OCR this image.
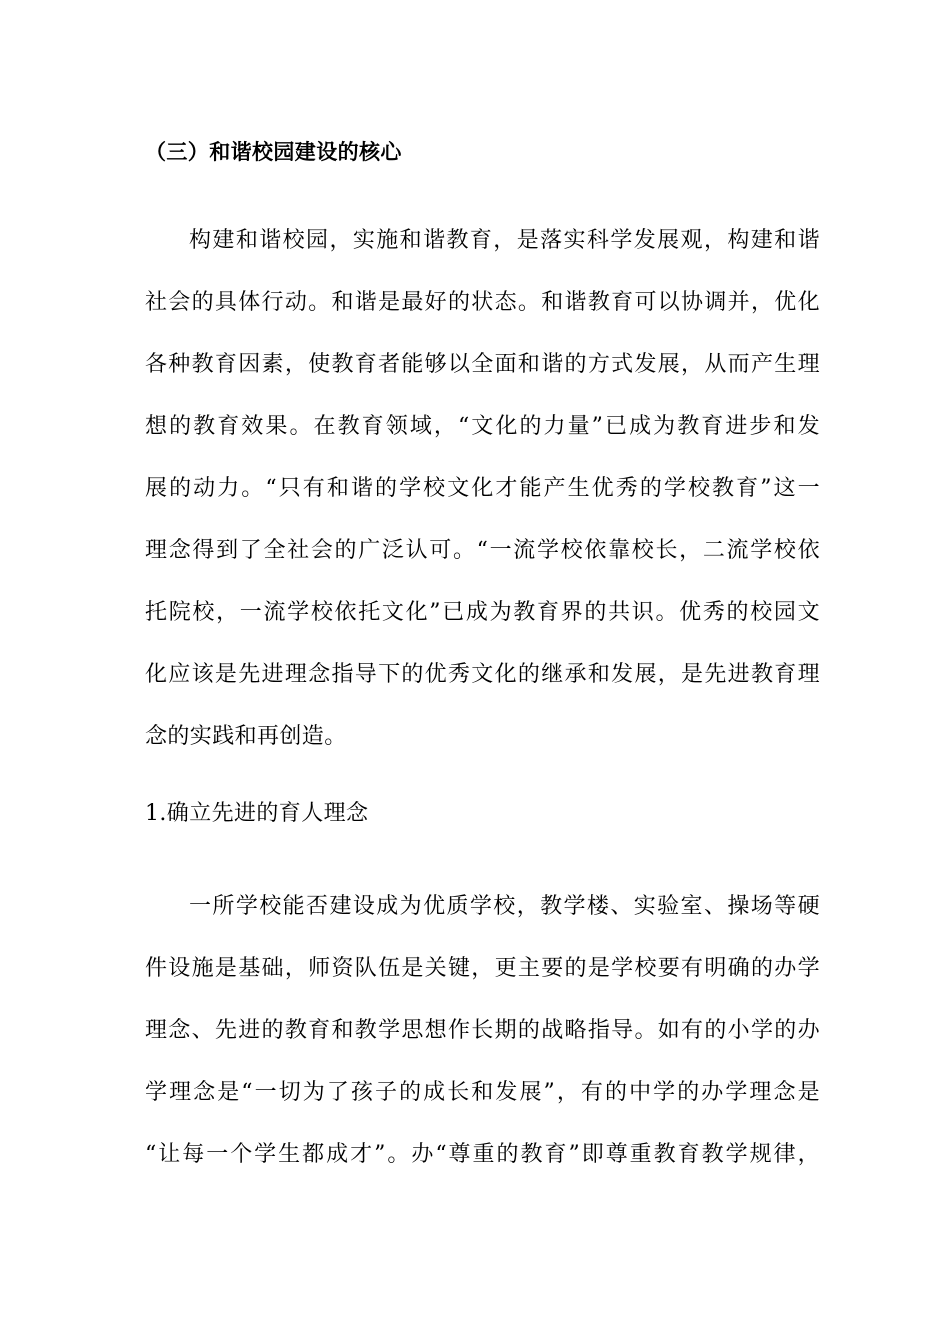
（三）和谐校园建设的核心
构建和谐校园，实施和谐教育，是落实科学发展观，构建和谐
社会的具体行动。和谐是最好的状态。和谐教育可以协调并，优化
各种教育因素，使教育者能够以全面和谐的方式发展，从而产生理
想的教育效果。在教育领域，“文化的力量”已成为教育进步和发
展的动力。“只有和谐的学校文化才能产生优秀的学校教育”这一
理念得到了全社会的广泛认可。“一流学校依靠校长，二流学校依
托院校，一流学校依托文化”已成为教育界的共识。优秀的校园文
化应该是先进理念指导下的优秀文化的继承和发展，是先进教育理
念的实践和再创造。
1.确立先进的育人理念
一所学校能否建设成为优质学校，教学楼、实验室、操场等硬
件设施是基础，师资队伍是关键，更主要的是学校要有明确的办学
理念、先进的教育和教学思想作长期的战略指导。如有的小学的办
学理念是“一切为了孩子的成长和发展”，有的中学的办学理念是
“让每一个学生都成才”。办“尊重的教育”即尊重教育教学规律，
